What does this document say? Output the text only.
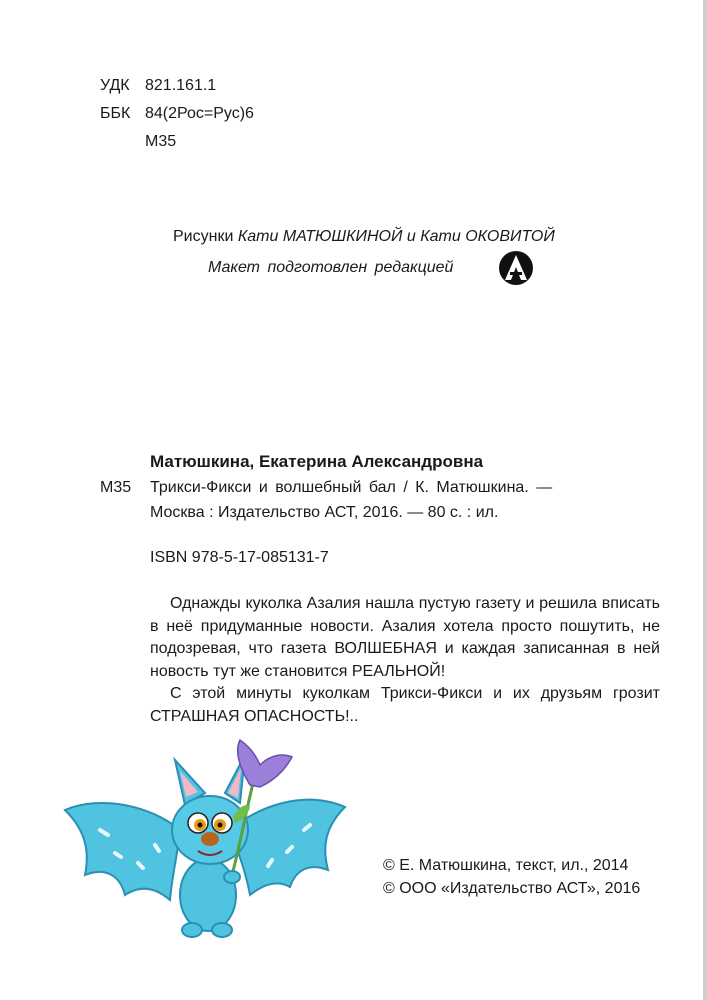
УДК 821.161.1
ББК 84(2Рос=Рус)6
М35
Рисунки Кати МАТЮШКИНОЙ и Кати ОКОВИТОЙ
Макет подготовлен редакцией
Матюшкина, Екатерина Александровна
М35 Трикси-Фикси и волшебный бал / К. Матюшкина. —
Москва : Издательство АСТ, 2016. — 80 с. : ил.
ISBN 978-5-17-085131-7

Однажды куколка Азалия нашла пустую газету и решила вписать в неё придуманные новости. Азалия хотела просто пошутить, не подозревая, что газета ВОЛШЕБНАЯ и каждая записанная в ней новость тут же становится РЕАЛЬНОЙ!

С этой минуты куколкам Трикси-Фикси и их друзьям грозит СТРАШНАЯ ОПАСНОСТЬ!..

© Е. Матюшкина, текст, ил., 2014
© ООО «Издательство АСТ», 2016
